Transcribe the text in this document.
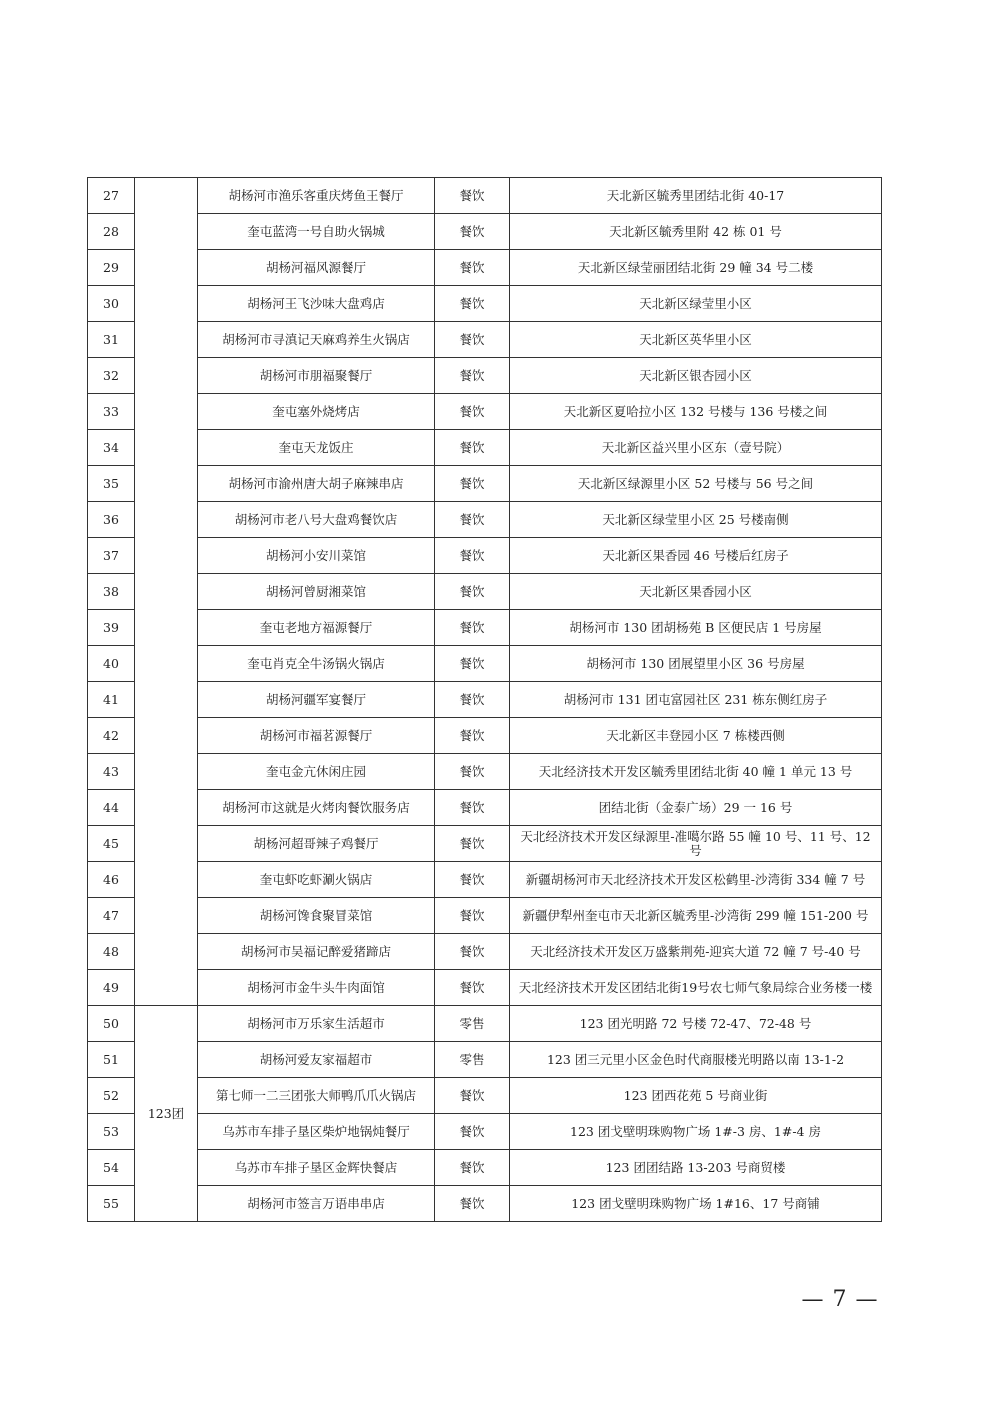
27		胡杨河市渔乐客重庆烤鱼王餐厅	餐饮	天北新区毓秀里团结北街 40-17
28		奎屯蓝湾一号自助火锅城	餐饮	天北新区毓秀里附 42 栋 01 号
29		胡杨河福风源餐厅	餐饮	天北新区绿莹丽团结北街 29 幢 34 号二楼
30		胡杨河王飞沙味大盘鸡店	餐饮	天北新区绿莹里小区
31		胡杨河市寻滇记天麻鸡养生火锅店	餐饮	天北新区英华里小区
32		胡杨河市朋福聚餐厅	餐饮	天北新区银杏园小区
33		奎屯塞外烧烤店	餐饮	天北新区夏哈拉小区 132 号楼与 136 号楼之间
34		奎屯天龙饭庄	餐饮	天北新区益兴里小区东（壹号院）
35		胡杨河市渝州唐大胡子麻辣串店	餐饮	天北新区绿源里小区 52 号楼与 56 号之间
36		胡杨河市老八号大盘鸡餐饮店	餐饮	天北新区绿莹里小区 25 号楼南侧
37		胡杨河小安川菜馆	餐饮	天北新区果香园 46 号楼后红房子
38		胡杨河曾厨湘菜馆	餐饮	天北新区果香园小区
39		奎屯老地方福源餐厅	餐饮	胡杨河市 130 团胡杨苑 B 区便民店 1 号房屋
40		奎屯肖克全牛汤锅火锅店	餐饮	胡杨河市 130 团展望里小区 36 号房屋
41		胡杨河疆军宴餐厅	餐饮	胡杨河市 131 团屯富园社区 231 栋东侧红房子
42		胡杨河市福茗源餐厅	餐饮	天北新区丰登园小区 7 栋楼西侧
43		奎屯金亢休闲庄园	餐饮	天北经济技术开发区毓秀里团结北街 40 幢 1 单元 13 号
44		胡杨河市这就是火烤肉餐饮服务店	餐饮	团结北街（金泰广场）29 一 16 号
45		胡杨河超哥辣子鸡餐厅	餐饮	天北经济技术开发区绿源里-准噶尔路 55 幢 10 号、11 号、12 号
46		奎屯虾吃虾涮火锅店	餐饮	新疆胡杨河市天北经济技术开发区松鹤里-沙湾街 334 幢 7 号
47		胡杨河馋食聚冒菜馆	餐饮	新疆伊犁州奎屯市天北新区毓秀里-沙湾街 299 幢 151-200 号
48		胡杨河市吴福记醉爱猪蹄店	餐饮	天北经济技术开发区万盛紫荆苑-迎宾大道 72 幢 7 号-40 号
49		胡杨河市金牛头牛肉面馆	餐饮	天北经济技术开发区团结北街19号农七师气象局综合业务楼一楼
50	123团	胡杨河市万乐家生活超市	零售	123 团光明路 72 号楼 72-47、72-48 号
51		胡杨河爱友家福超市	零售	123 团三元里小区金色时代商服楼光明路以南 13-1-2
52		第七师一二三团张大师鸭爪爪火锅店	餐饮	123 团西花苑 5 号商业街
53		乌苏市车排子垦区柴炉地锅炖餐厅	餐饮	123 团戈壁明珠购物广场 1#-3 房、1#-4 房
54		乌苏市车排子垦区金辉快餐店	餐饮	123 团团结路 13-203 号商贸楼
55		胡杨河市签言万语串串店	餐饮	123 团戈壁明珠购物广场 1#16、17 号商铺
— 7 —
